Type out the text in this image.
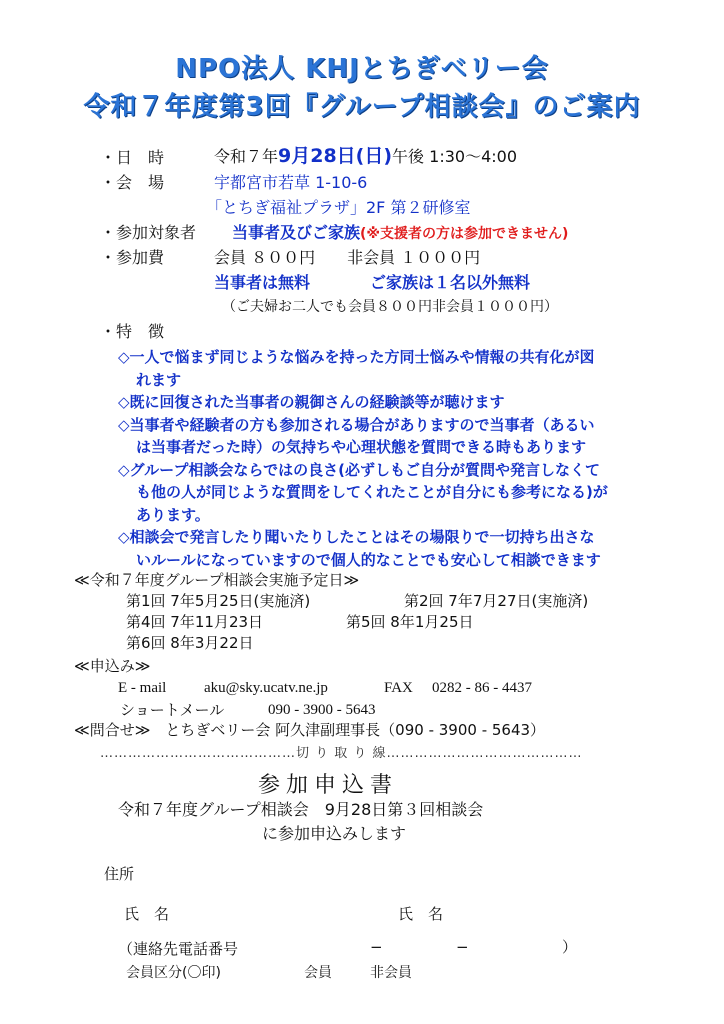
NPO法人 KHJとちぎベリー会
令和７年度第3回『グループ相談会』のご案内
・日　時	令和７年9月28日(日)午後 1:30～4:00
・会　場	宇都宮市若草 1-10-6
「とちぎ福祉プラザ」2F 第２研修室
・参加対象者 当事者及びご家族(※支援者の方は参加できません)
・参加費	会員 ８００円　　非会員 １０００円
当事者は無料	ご家族は１名以外無料
（ご夫婦お二人でも会員８００円非会員１０００円）
・特　徴
◇一人で悩まず同じような悩みを持った方同士悩みや情報の共有化が図
れます
◇既に回復された当事者の親御さんの経験談等が聴けます
◇当事者や経験者の方も参加される場合がありますので当事者（あるい
は当事者だった時）の気持ちや心理状態を質問できる時もあります
◇グループ相談会ならではの良さ(必ずしもご自分が質問や発言しなくて
も他の人が同じような質問をしてくれたことが自分にも参考になる)が
あります。
◇相談会で発言したり聞いたりしたことはその場限りで一切持ち出さな
いルールになっていますので個人的なことでも安心して相談できます
≪令和７年度グループ相談会実施予定日≫
第1回 7年5月25日(実施済)	第2回 7年7月27日(実施済)
第4回 7年11月23日	第5回 8年1月25日
第6回 8年3月22日
≪申込み≫
E - mail	aku@sky.ucatv.ne.jp	FAX 0282 - 86 - 4437
ショートメール	090 - 3900 - 5643
≪問合せ≫　とちぎベリー会 阿久津副理事長（090 - 3900 - 5643）
……………………………………切 り 取 り 線……………………………………
参加申込書
令和７年度グループ相談会　9月28日第３回相談会
に参加申込みします
住所
氏　名	氏　名
（連絡先電話番号	−	−	）
会員区分(〇印)	会員	非会員
